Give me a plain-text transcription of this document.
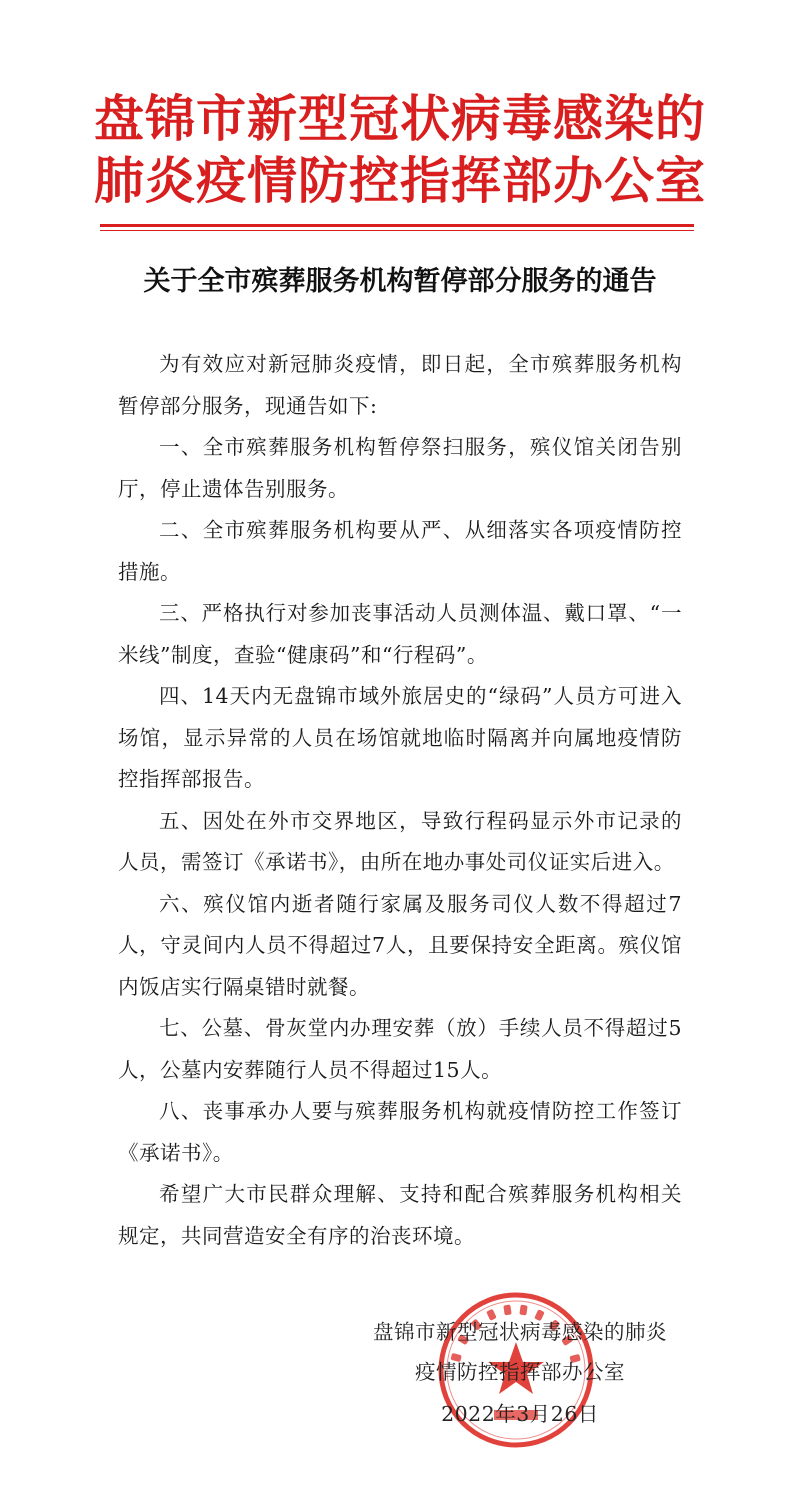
盘锦市新型冠状病毒感染的
肺炎疫情防控指挥部办公室
关于全市殡葬服务机构暂停部分服务的通告

为有效应对新冠肺炎疫情，即日起，全市殡葬服务机构暂停部分服务，现通告如下:

一、全市殡葬服务机构暂停祭扫服务，殡仪馆关闭告别厅，停止遗体告别服务。

二、全市殡葬服务机构要从严、从细落实各项疫情防控措施。

三、严格执行对参加丧事活动人员测体温、戴口罩、“一米线”制度，查验“健康码”和“行程码”。

四、14天内无盘锦市域外旅居史的“绿码”人员方可进入场馆，显示异常的人员在场馆就地临时隔离并向属地疫情防控指挥部报告。

五、因处在外市交界地区，导致行程码显示外市记录的人员，需签订《承诺书》，由所在地办事处司仪证实后进入。

六、殡仪馆内逝者随行家属及服务司仪人数不得超过7人，守灵间内人员不得超过7人，且要保持安全距离。殡仪馆内饭店实行隔桌错时就餐。

七、公墓、骨灰堂内办理安葬（放）手续人员不得超过5人，公墓内安葬随行人员不得超过15人。

八、丧事承办人要与殡葬服务机构就疫情防控工作签订《承诺书》。

希望广大市民群众理解、支持和配合殡葬服务机构相关规定，共同营造安全有序的治丧环境。

盘锦市新型冠状病毒感染的肺炎
疫情防控指挥部办公室
2022年3月26日
